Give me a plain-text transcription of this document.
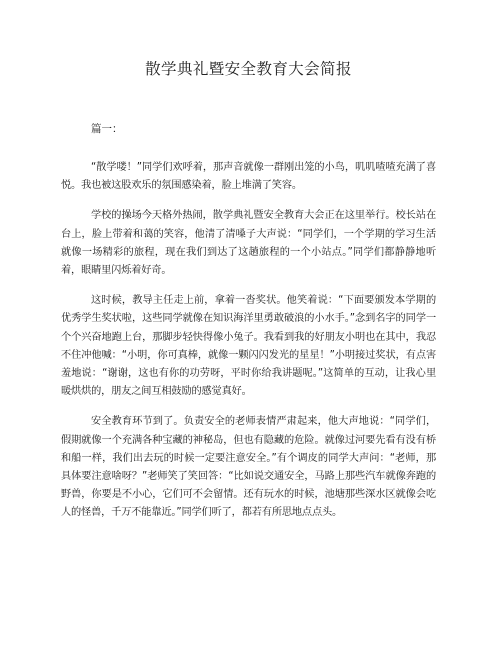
散学典礼暨安全教育大会简报

篇一：

“散学喽！”同学们欢呼着，那声音就像一群刚出笼的小鸟，叽叽喳喳充满了喜悦。我也被这股欢乐的氛围感染着，脸上堆满了笑容。

学校的操场今天格外热闹，散学典礼暨安全教育大会正在这里举行。校长站在台上，脸上带着和蔼的笑容，他清了清嗓子大声说：“同学们，一个学期的学习生活就像一场精彩的旅程，现在我们到达了这趟旅程的一个小站点。”同学们都静静地听着，眼睛里闪烁着好奇。

这时候，教导主任走上前，拿着一沓奖状。他笑着说：“下面要颁发本学期的优秀学生奖状啦，这些同学就像在知识海洋里勇敢破浪的小水手。”念到名字的同学一个个兴奋地跑上台，那脚步轻快得像小兔子。我看到我的好朋友小明也在其中，我忍不住冲他喊：“小明，你可真棒，就像一颗闪闪发光的星星！”小明接过奖状，有点害羞地说：“谢谢，这也有你的功劳呀，平时你给我讲题呢。”这简单的互动，让我心里暖烘烘的，朋友之间互相鼓励的感觉真好。

安全教育环节到了。负责安全的老师表情严肃起来，他大声地说：“同学们，假期就像一个充满各种宝藏的神秘岛，但也有隐藏的危险。就像过河要先看有没有桥和船一样，我们出去玩的时候一定要注意安全。”有个调皮的同学大声问：“老师，那具体要注意啥呀？”老师笑了笑回答：“比如说交通安全，马路上那些汽车就像奔跑的野兽，你要是不小心，它们可不会留情。还有玩水的时候，池塘那些深水区就像会吃人的怪兽，千万不能靠近。”同学们听了，都若有所思地点点头。
